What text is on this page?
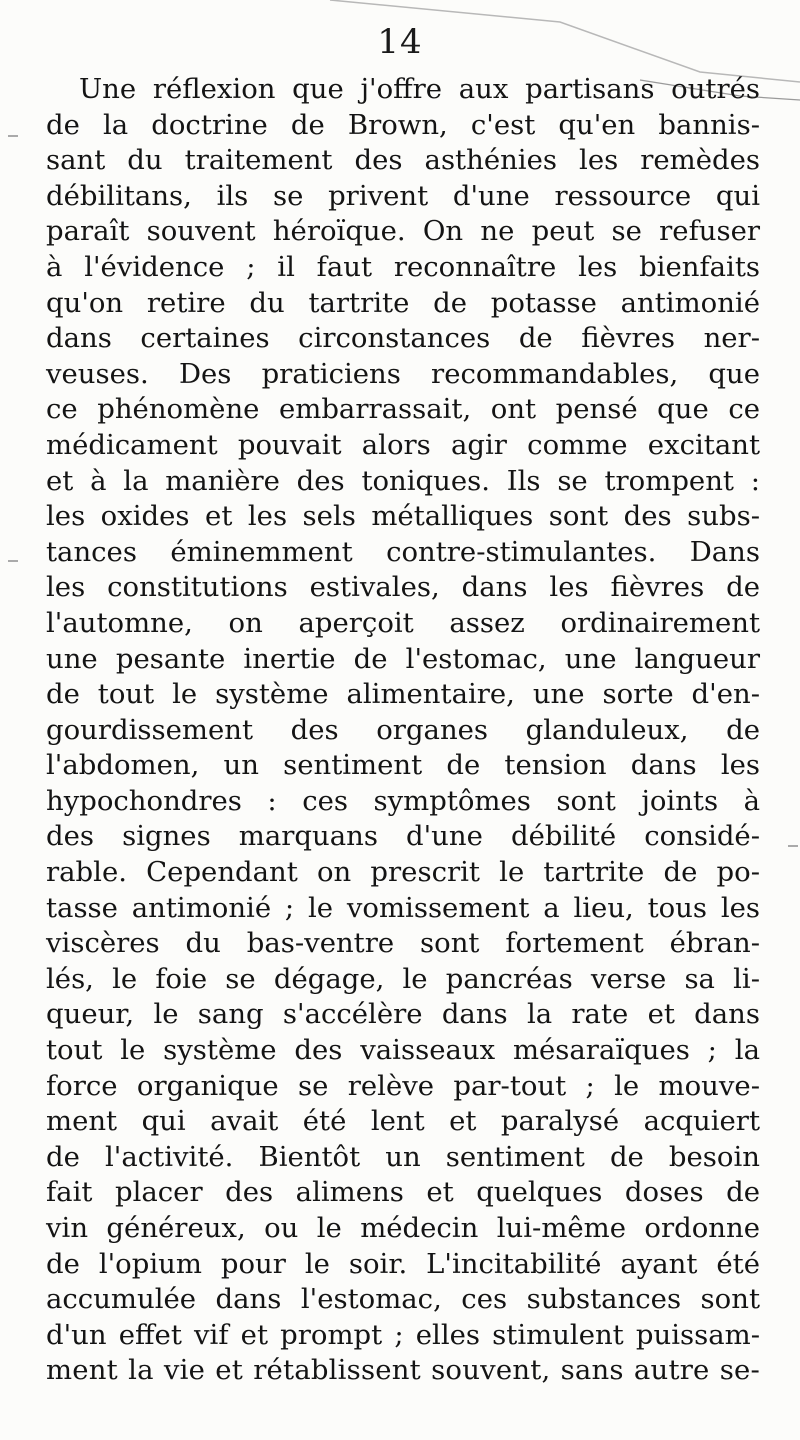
14
Une réflexion que j'offre aux partisans outrés
de la doctrine de Brown, c'est qu'en bannis-
sant du traitement des asthénies les remèdes
débilitans, ils se privent d'une ressource qui
paraît souvent héroïque. On ne peut se refuser
à l'évidence ; il faut reconnaître les bienfaits
qu'on retire du tartrite de potasse antimonié
dans certaines circonstances de fièvres ner-
veuses. Des praticiens recommandables, que
ce phénomène embarrassait, ont pensé que ce
médicament pouvait alors agir comme excitant
et à la manière des toniques. Ils se trompent :
les oxides et les sels métalliques sont des subs-
tances éminemment contre-stimulantes. Dans
les constitutions estivales, dans les fièvres de
l'automne, on aperçoit assez ordinairement
une pesante inertie de l'estomac, une langueur
de tout le système alimentaire, une sorte d'en-
gourdissement des organes glanduleux, de
l'abdomen, un sentiment de tension dans les
hypochondres : ces symptômes sont joints à
des signes marquans d'une débilité considé-
rable. Cependant on prescrit le tartrite de po-
tasse antimonié ; le vomissement a lieu, tous les
viscères du bas-ventre sont fortement ébran-
lés, le foie se dégage, le pancréas verse sa li-
queur, le sang s'accélère dans la rate et dans
tout le système des vaisseaux mésaraïques ; la
force organique se relève par-tout ; le mouve-
ment qui avait été lent et paralysé acquiert
de l'activité. Bientôt un sentiment de besoin
fait placer des alimens et quelques doses de
vin généreux, ou le médecin lui-même ordonne
de l'opium pour le soir. L'incitabilité ayant été
accumulée dans l'estomac, ces substances sont
d'un effet vif et prompt ; elles stimulent puissam-
ment la vie et rétablissent souvent, sans autre se-
